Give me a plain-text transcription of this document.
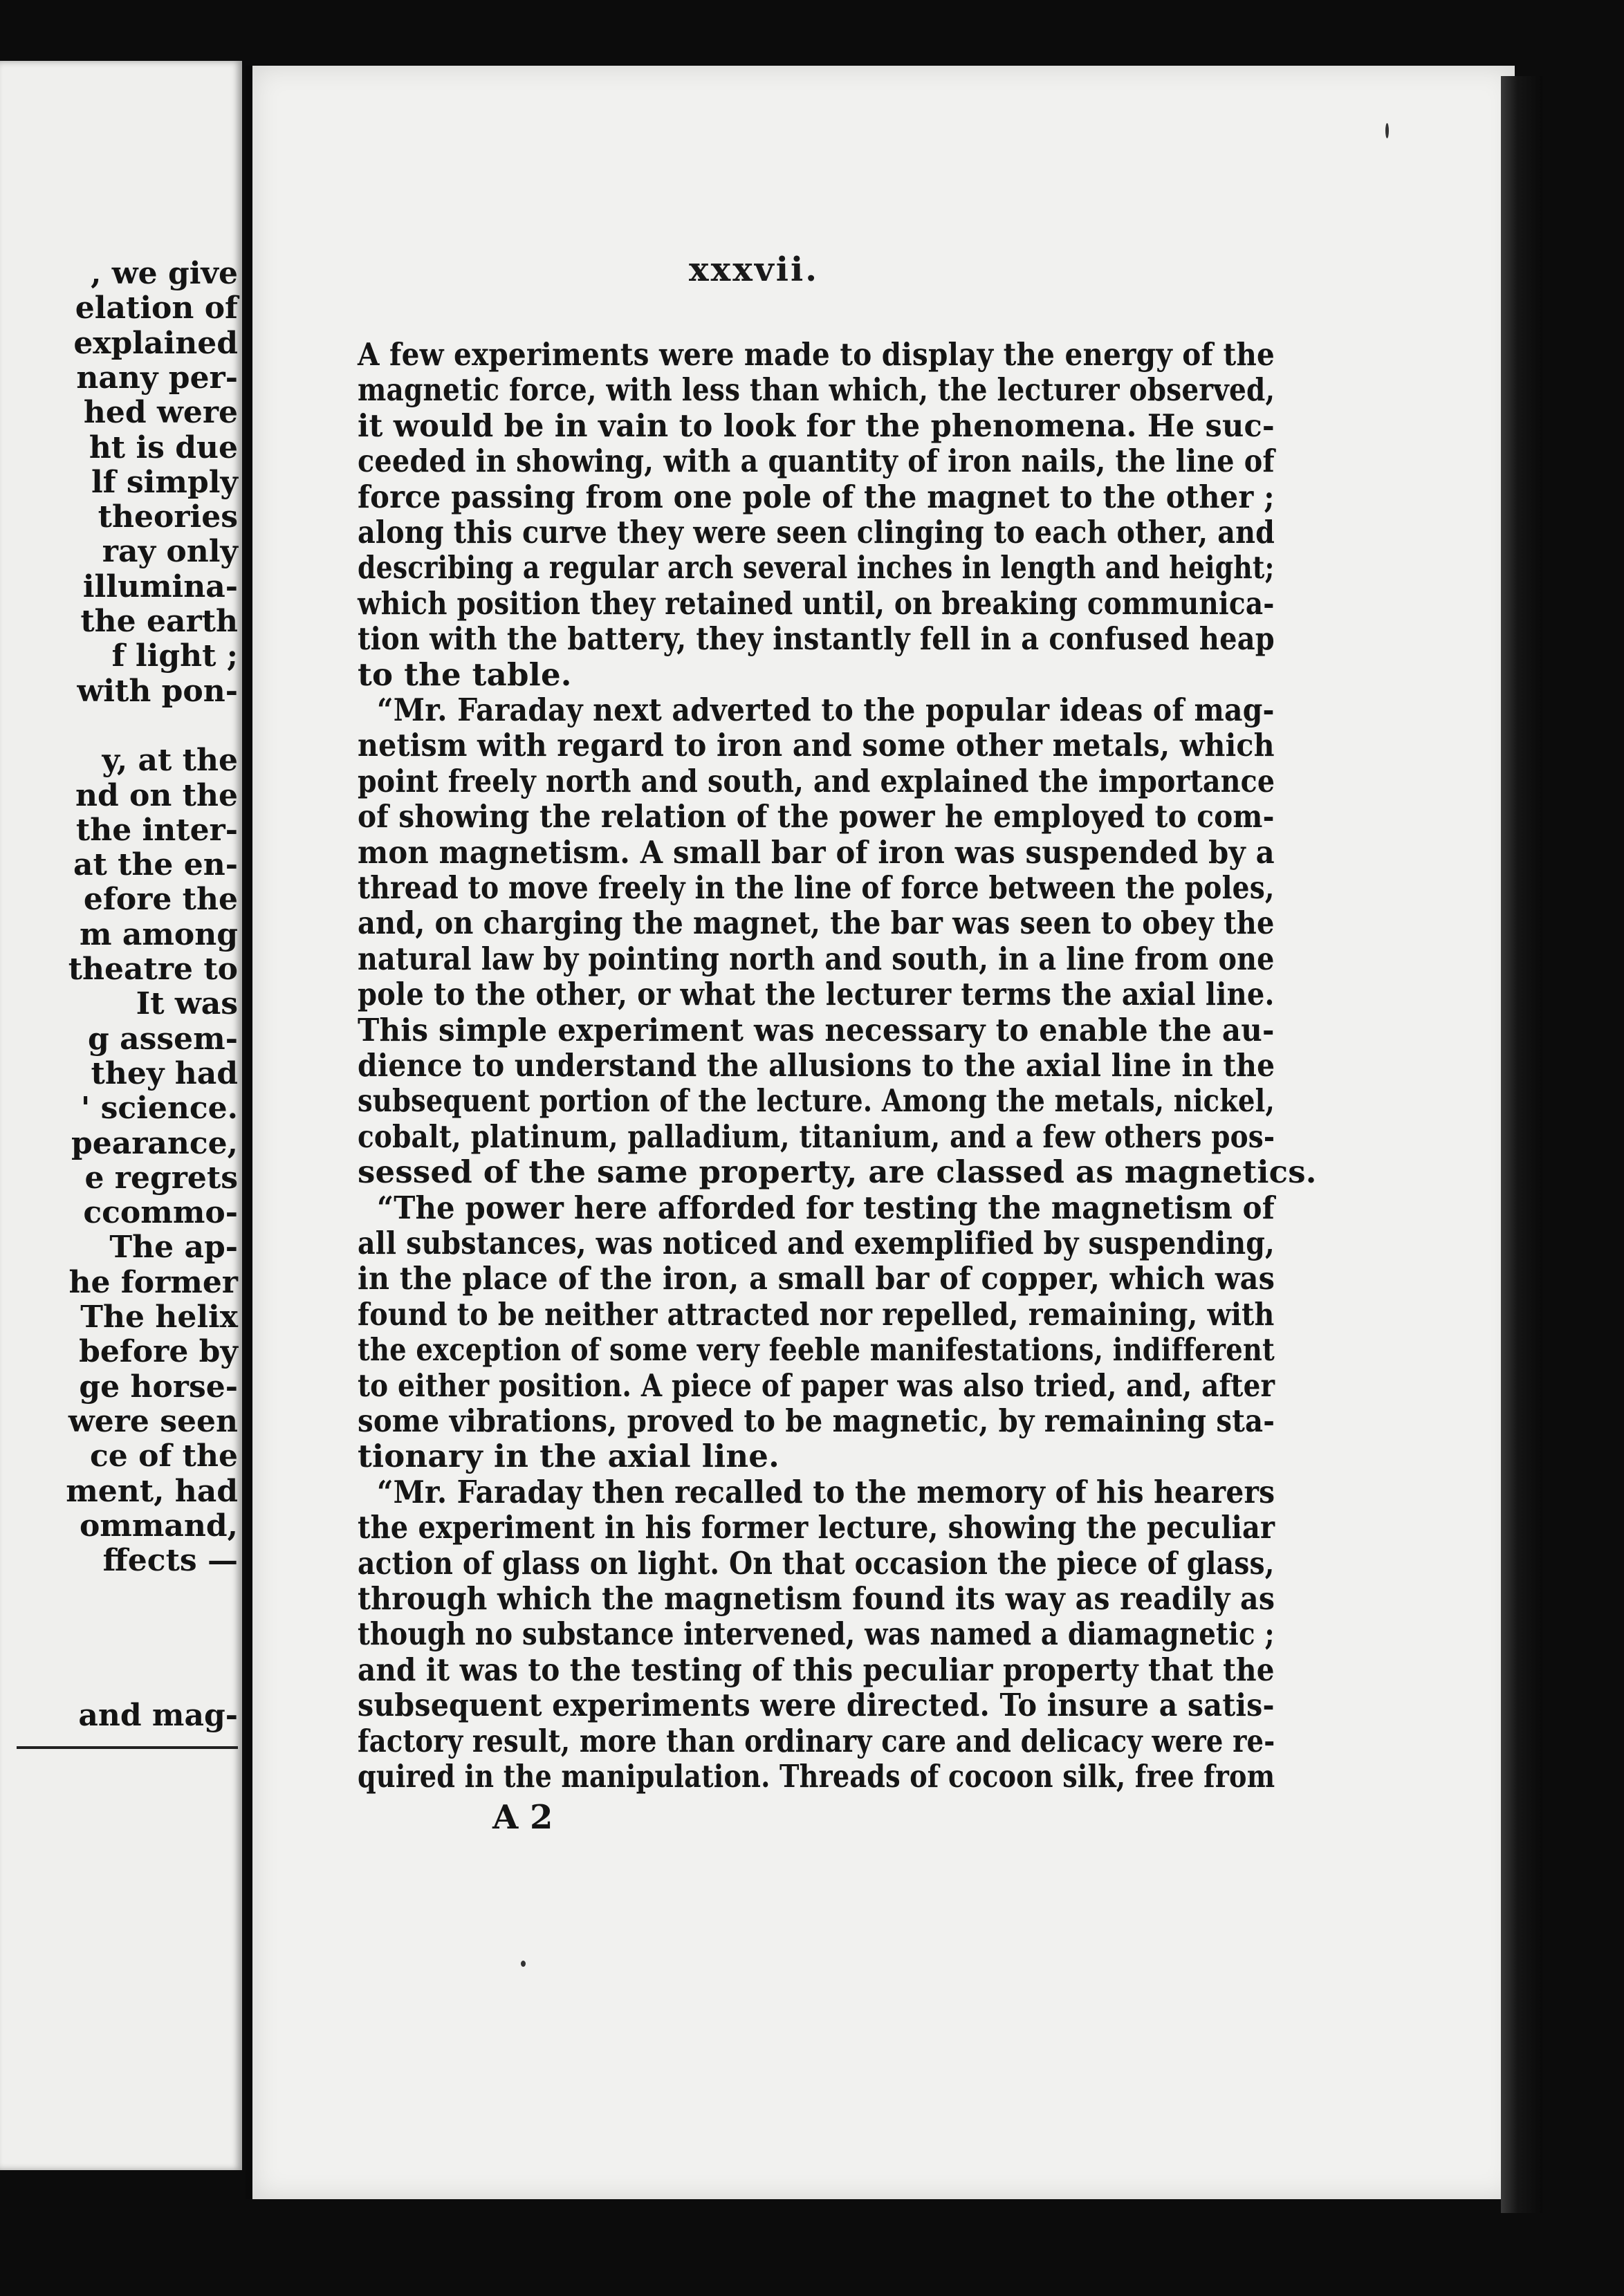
, we give
elation of
explained
nany per-
hed were
ht is due
lf simply
theories
ray only
illumina-
the earth
f light ;
with pon-
y, at the
nd on the
the inter-
at the en-
efore the
m among
theatre to
It was
g assem-
they had
' science.
pearance,
e regrets
ccommo-
The ap-
he former
The helix
before by
ge horse-
were seen
ce of the
ment, had
ommand,
ffects —
and mag-
xxxvii.
A few experiments were made to display the energy of the
magnetic force, with less than which, the lecturer observed,
it would be in vain to look for the phenomena. He suc-
ceeded in showing, with a quantity of iron nails, the line of
force passing from one pole of the magnet to the other ;
along this curve they were seen clinging to each other, and
describing a regular arch several inches in length and height;
which position they retained until, on breaking communica-
tion with the battery, they instantly fell in a confused heap
to the table.
“Mr. Faraday next adverted to the popular ideas of mag-
netism with regard to iron and some other metals, which
point freely north and south, and explained the importance
of showing the relation of the power he employed to com-
mon magnetism. A small bar of iron was suspended by a
thread to move freely in the line of force between the poles,
and, on charging the magnet, the bar was seen to obey the
natural law by pointing north and south, in a line from one
pole to the other, or what the lecturer terms the axial line.
This simple experiment was necessary to enable the au-
dience to understand the allusions to the axial line in the
subsequent portion of the lecture. Among the metals, nickel,
cobalt, platinum, palladium, titanium, and a few others pos-
sessed of the same property, are classed as magnetics.
“The power here afforded for testing the magnetism of
all substances, was noticed and exemplified by suspending,
in the place of the iron, a small bar of copper, which was
found to be neither attracted nor repelled, remaining, with
the exception of some very feeble manifestations, indifferent
to either position. A piece of paper was also tried, and, after
some vibrations, proved to be magnetic, by remaining sta-
tionary in the axial line.
“Mr. Faraday then recalled to the memory of his hearers
the experiment in his former lecture, showing the peculiar
action of glass on light. On that occasion the piece of glass,
through which the magnetism found its way as readily as
though no substance intervened, was named a diamagnetic ;
and it was to the testing of this peculiar property that the
subsequent experiments were directed. To insure a satis-
factory result, more than ordinary care and delicacy were re-
quired in the manipulation. Threads of cocoon silk, free from
A 2
